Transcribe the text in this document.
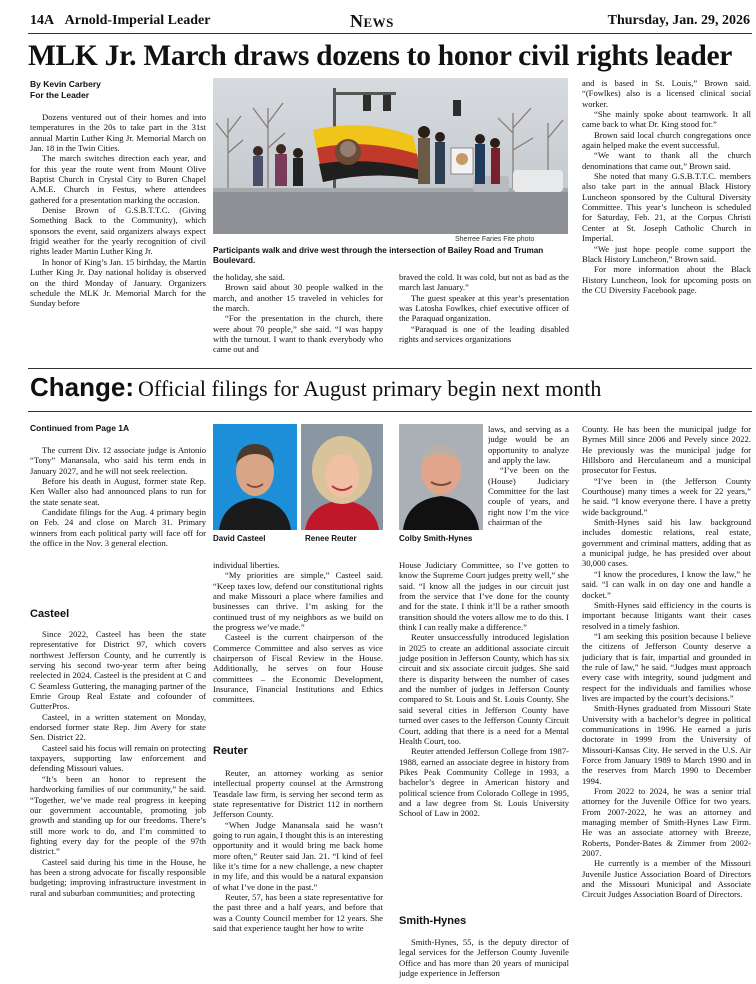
14A Arnold-Imperial Leader	News	Thursday, Jan. 29, 2026
MLK Jr. March draws dozens to honor civil rights leader
By Kevin Carbery
For the Leader

Dozens ventured out of their homes and into temperatures in the 20s to take part in the 31st annual Martin Luther King Jr. Memorial March on Jan. 18 in the Twin Cities.

The march switches direction each year, and for this year the route went from Mount Olive Baptist Church in Crystal City to Buren Chapel A.M.E. Church in Festus, where attendees gathered for a presentation marking the occasion.

Denise Brown of G.S.B.T.T.C. (Giving Something Back to the Community), which sponsors the event, said organizers always expect frigid weather for the yearly recognition of civil rights leader Martin Luther King Jr.

In honor of King’s Jan. 15 birthday, the Martin Luther King Jr. Day national holiday is observed on the third Monday of January. Organizers schedule the MLK Jr. Memorial March for the Sunday before

Sherree Faries Fite photo
Participants walk and drive west through the intersection of Bailey Road and Truman Boulevard.

the holiday, she said.

Brown said about 30 people walked in the march, and another 15 traveled in vehicles for the march.

“For the presentation in the church, there were about 70 people,” she said. “I was happy with the turnout. I want to thank everybody who came out and

braved the cold. It was cold, but not as bad as the march last January.”

The guest speaker at this year’s presentation was Latosha Fowlkes, chief executive officer of the Paraquad organization.

“Paraquad is one of the leading disabled rights and services organizations

and is based in St. Louis,” Brown said. “(Fowlkes) also is a licensed clinical social worker.

“She mainly spoke about teamwork. It all came back to what Dr. King stood for.”

Brown said local church congregations once again helped make the event successful.

“We want to thank all the church denominations that came out,” Brown said.

She noted that many G.S.B.T.T.C. members also take part in the annual Black History Luncheon sponsored by the Cultural Diversity Committee. This year’s luncheon is scheduled for Saturday, Feb. 21, at the Corpus Christi Center at St. Joseph Catholic Church in Imperial.

“We just hope people come support the Black History Luncheon,” Brown said.

For more information about the Black History Luncheon, look for upcoming posts on the CU Diversity Facebook page.

Change: Official filings for August primary begin next month
Continued from Page 1A

The current Div. 12 associate judge is Antonio “Tony” Manansala, who said his term ends in January 2027, and he will not seek reelection.

Before his death in August, former state Rep. Ken Waller also had announced plans to run for the state senate seat.

Candidate filings for the Aug. 4 primary begin on Feb. 24 and close on March 31. Primary winners from each political party will face off for the office in the Nov. 3 general election.

Casteel

Since 2022, Casteel has been the state representative for District 97, which covers northwest Jefferson County, and he currently is serving his second two-year term after being reelected in 2024. Casteel is the president at C and C Seamless Guttering, the managing partner of the Emrie Group Real Estate and cofounder of GutterPros.

Casteel, in a written statement on Monday, endorsed former state Rep. Jim Avery for state Sen. District 22.

Casteel said his focus will remain on protecting taxpayers, supporting law enforcement and defending Missouri values.

“It’s been an honor to represent the hardworking families of our community,” he said. “Together, we’ve made real progress in keeping our government accountable, promoting job growth and standing up for our freedoms. There’s still more work to do, and I’m committed to fighting every day for the people of the 97th district.”

Casteel said during his time in the House, he has been a strong advocate for fiscally responsible budgeting; improving infrastructure investment in rural and suburban communities; and protecting

David Casteel	Renee Reuter	Colby Smith-Hynes

individual liberties.

“My priorities are simple,” Casteel said. “Keep taxes low, defend our constitutional rights and make Missouri a place where families and businesses can thrive. I’m asking for the continued trust of my neighbors as we build on the progress we’ve made.”

Casteel is the current chairperson of the Commerce Committee and also serves as vice chairperson of Fiscal Review in the House. Additionally, he serves on four House committees – the Economic Development, Insurance, Financial Institutions and Ethics committees.

Reuter

Reuter, an attorney working as senior intellectual property counsel at the Armstrong Teasdale law firm, is serving her second term as state representative for District 112 in northern Jefferson County.

“When Judge Manansala said he wasn’t going to run again, I thought this is an interesting opportunity and it would bring me back home more often,” Reuter said Jan. 21. “I kind of feel like it’s time for a new challenge, a new chapter in my life, and this would be a natural expansion of what I’ve done in the past.”

Reuter, 57, has been a state representative for the past three and a half years, and before that was a County Council member for 12 years. She said that experience taught her how to write

laws, and serving as a judge would be an opportunity to analyze and apply the law.

“I’ve been on the (House) Judiciary Committee for the last couple of years, and right now I’m the vice chairman of the

House Judiciary Committee, so I’ve gotten to know the Supreme Court judges pretty well,” she said. “I know all the judges in our circuit just from the service that I’ve done for the county and for the state. I think it’ll be a rather smooth transition should the voters allow me to do this. I think I can really make a difference.”

Reuter unsuccessfully introduced legislation in 2025 to create an additional associate circuit judge position in Jefferson County, which has six circuit and six associate circuit judges. She said there is disparity between the number of cases and the number of judges in Jefferson County compared to St. Louis and St. Louis County. She said several cities in Jefferson County have turned over cases to the Jefferson County Circuit Court, adding that there is a need for a Mental Health Court, too.

Reuter attended Jefferson College from 1987-1988, earned an associate degree in history from Pikes Peak Community College in 1993, a bachelor’s degree in American history and political science from Colorado College in 1995, and a law degree from St. Louis University School of Law in 2002.

Smith-Hynes

Smith-Hynes, 55, is the deputy director of legal services for the Jefferson County Juvenile Office and has more than 20 years of municipal judge experience in Jefferson

County. He has been the municipal judge for Byrnes Mill since 2006 and Pevely since 2022. He previously was the municipal judge for Hillsboro and Herculaneum and a municipal prosecutor for Festus.

“I’ve been in (the Jefferson County Courthouse) many times a week for 22 years,” he said. “I know everyone there. I have a pretty wide background.”

Smith-Hynes said his law background includes domestic relations, real estate, government and criminal matters, adding that as a municipal judge, he has presided over about 30,000 cases.

“I know the procedures, I know the law,” he said. “I can walk in on day one and handle a docket.”

Smith-Hynes said efficiency in the courts is important because litigants want their cases resolved in a timely fashion.

“I am seeking this position because I believe the citizens of Jefferson County deserve a judiciary that is fair, impartial and grounded in the rule of law,” he said. “Judges must approach every case with integrity, sound judgment and respect for the individuals and families whose lives are impacted by the court’s decisions.”

Smith-Hynes graduated from Missouri State University with a bachelor’s degree in political communications in 1996. He earned a juris doctorate in 1999 from the University of Missouri-Kansas City. He served in the U.S. Air Force from January 1989 to March 1990 and in the reserves from March 1990 to December 1994.

From 2022 to 2024, he was a senior trial attorney for the Juvenile Office for two years. From 2007-2022, he was an attorney and managing member of Smith-Hynes Law Firm. He was an associate attorney with Breeze, Roberts, Ponder-Bates & Zimmer from 2002-2007.

He currently is a member of the Missouri Juvenile Justice Association Board of Directors and the Missouri Municipal and Associate Circuit Judges Association Board of Directors.
